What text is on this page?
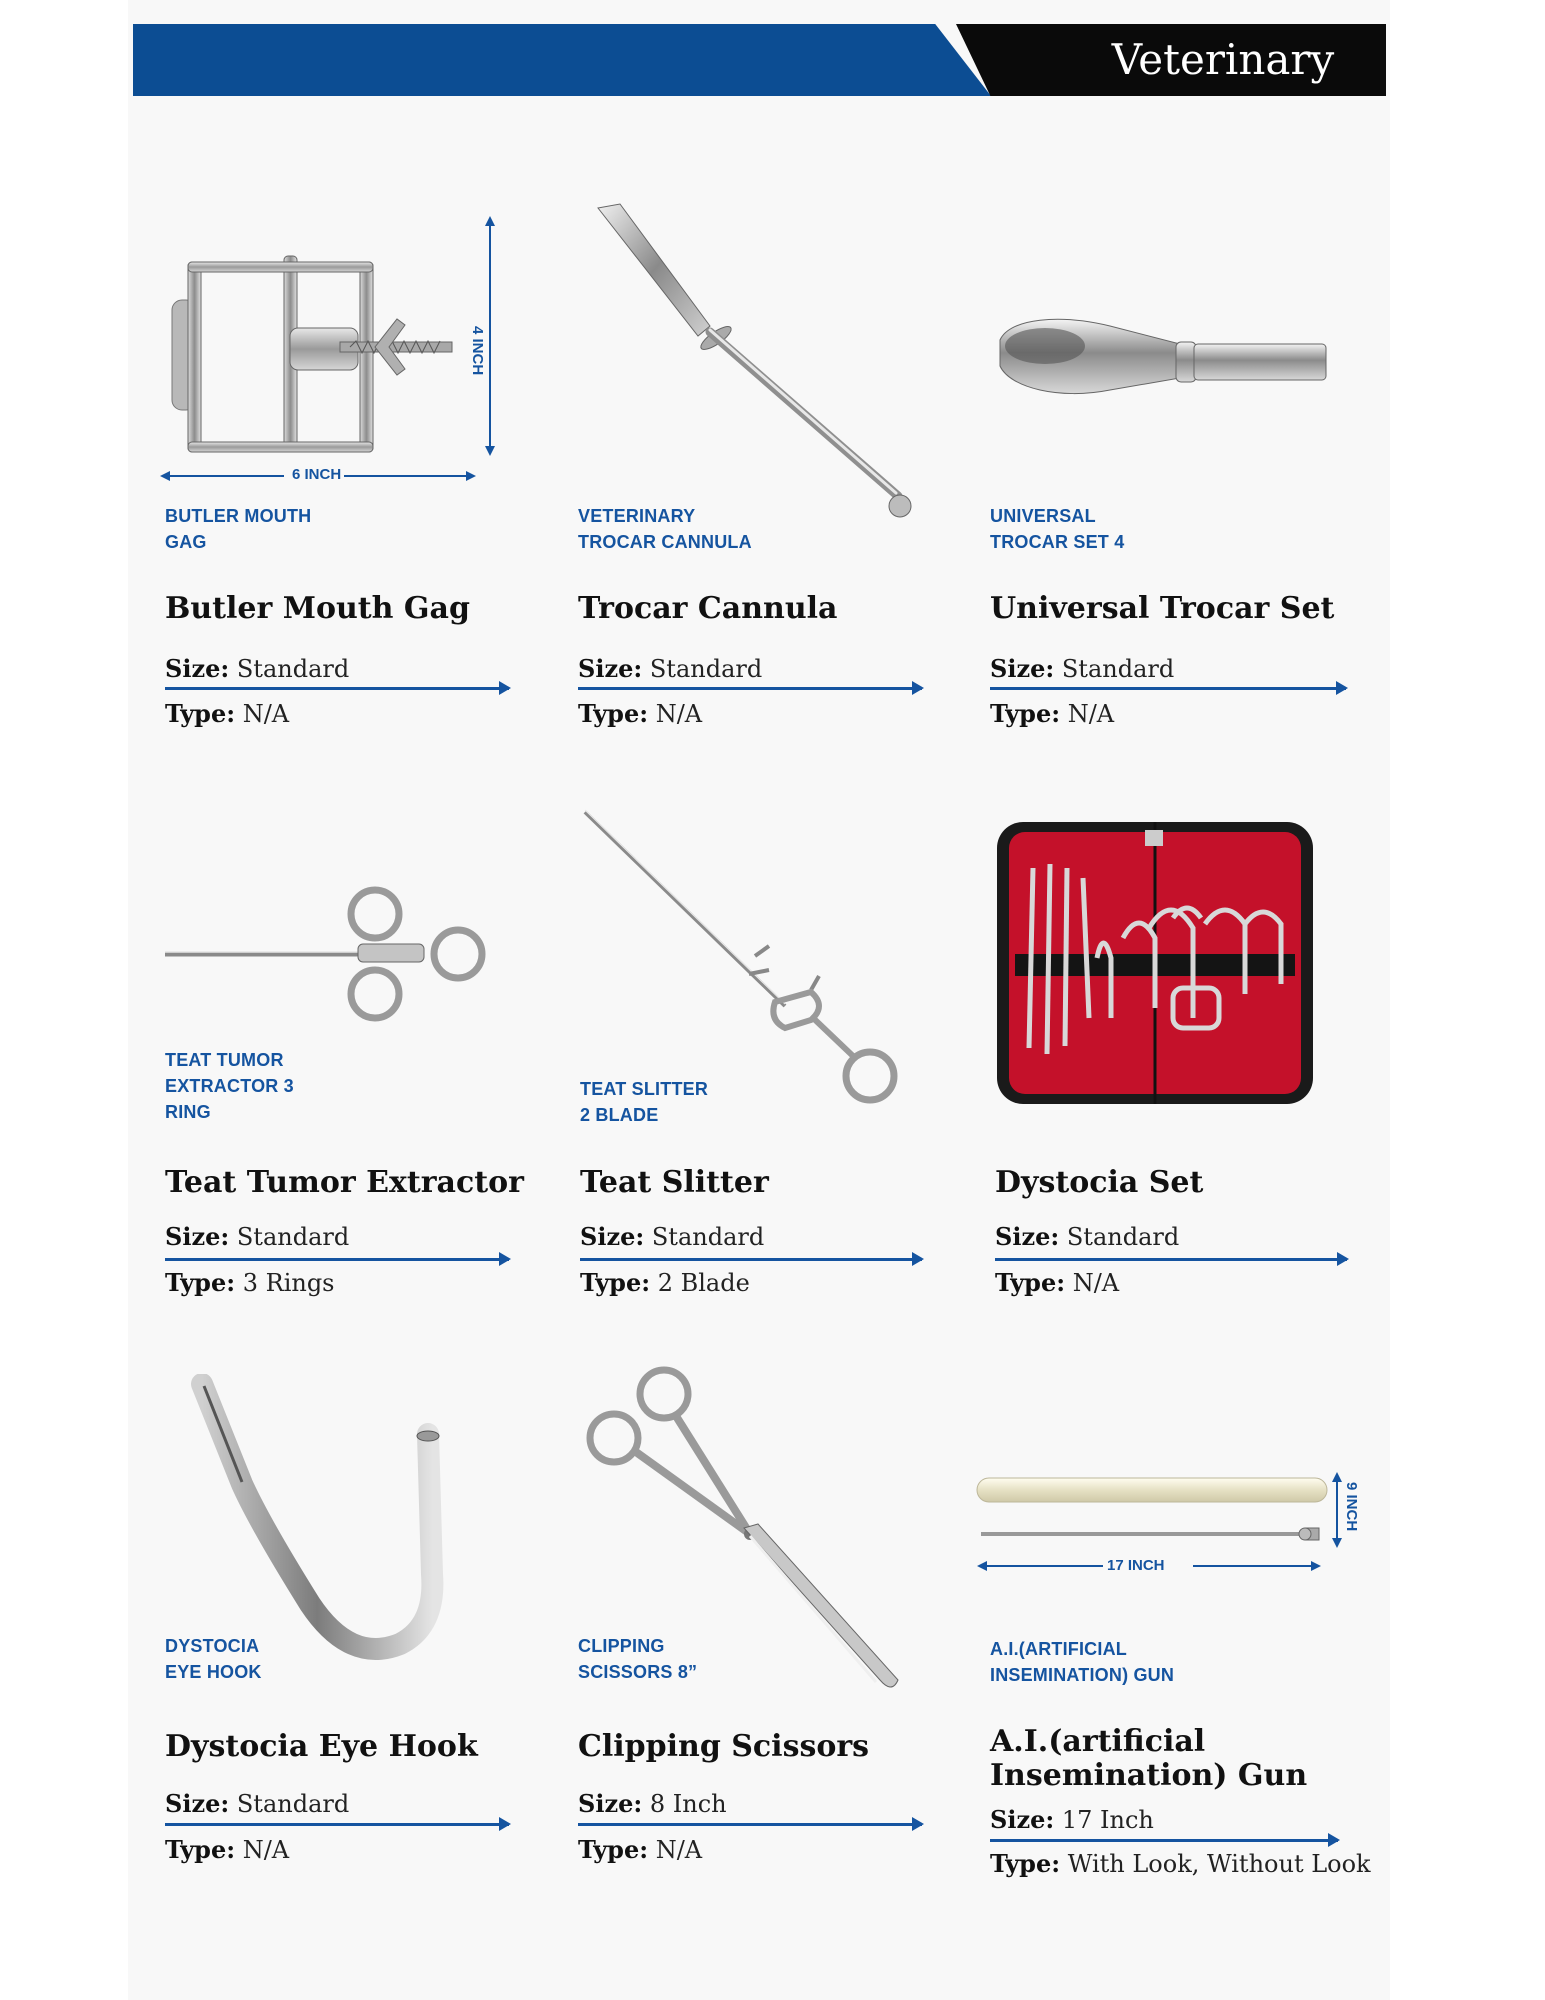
Veterinary
6 INCH
4 INCH
BUTLER MOUTH
GAG
Butler Mouth Gag
Size: Standard
Type: N/A
VETERINARY
TROCAR CANNULA
Trocar Cannula
Size: Standard
Type: N/A
UNIVERSAL
TROCAR SET 4
Universal Trocar Set
Size: Standard
Type: N/A
TEAT TUMOR
EXTRACTOR 3
RING
Teat Tumor Extractor
Size: Standard
Type: 3 Rings
TEAT SLITTER
2 BLADE
Teat Slitter
Size: Standard
Type: 2 Blade
Dystocia Set
Size: Standard
Type: N/A
DYSTOCIA
EYE HOOK
Dystocia Eye Hook
Size: Standard
Type: N/A
CLIPPING
SCISSORS 8”
Clipping Scissors
Size: 8 Inch
Type: N/A
17 INCH
9 INCH
A.I.(ARTIFICIAL
INSEMINATION) GUN
A.I.(artificial Insemination) Gun
Size: 17 Inch
Type: With Look, Without Look
